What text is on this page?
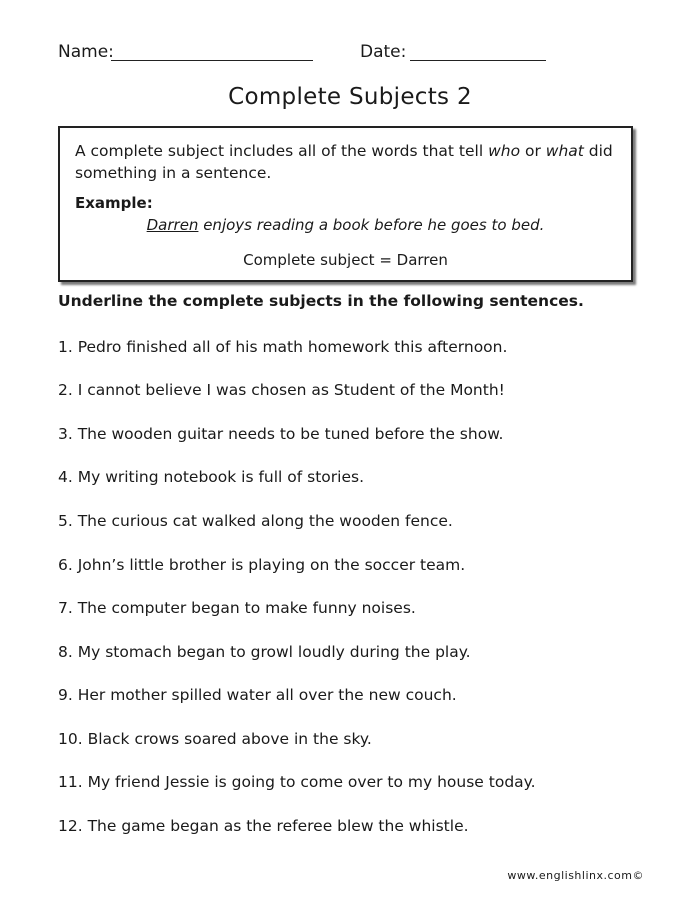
Name:	Date:
Complete Subjects 2
A complete subject includes all of the words that tell who or what did something in a sentence.
Example:
Darren enjoys reading a book before he goes to bed.
Complete subject = Darren
Underline the complete subjects in the following sentences.
1. Pedro finished all of his math homework this afternoon.
2. I cannot believe I was chosen as Student of the Month!
3. The wooden guitar needs to be tuned before the show.
4. My writing notebook is full of stories.
5. The curious cat walked along the wooden fence.
6. John’s little brother is playing on the soccer team.
7. The computer began to make funny noises.
8. My stomach began to growl loudly during the play.
9. Her mother spilled water all over the new couch.
10. Black crows soared above in the sky.
11. My friend Jessie is going to come over to my house today.
12. The game began as the referee blew the whistle.
www.englishlinx.com©
